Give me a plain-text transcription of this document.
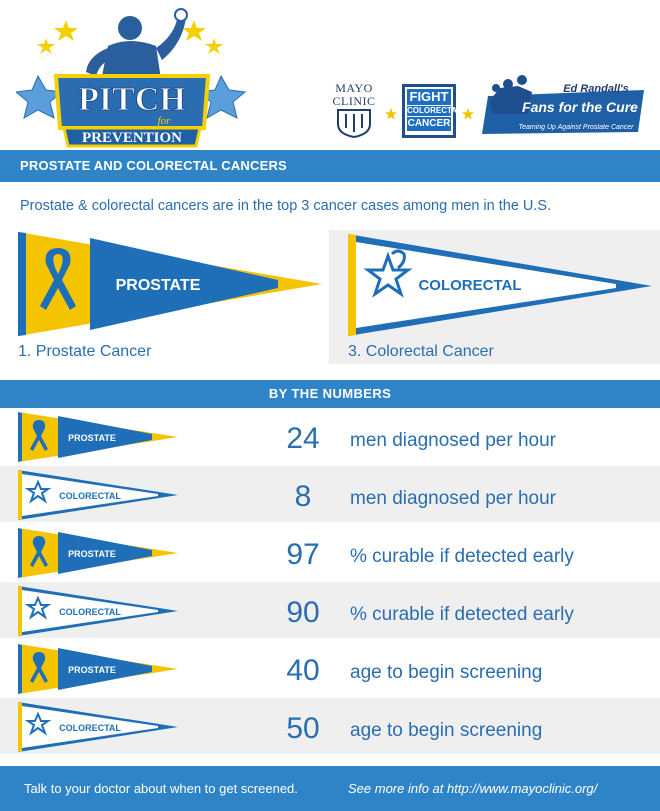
PITCH
for
PREVENTION
MAYO
CLINIC	FIGHT
COLORECTAL
CANCER
Ed Randall's
Fans for the Cure
Teaming Up Against Prostate Cancer
PROSTATE AND COLORECTAL CANCERS
Prostate & colorectal cancers are in the top 3 cancer cases among men in the U.S.
PROSTATE
1. Prostate Cancer
COLORECTAL
3. Colorectal Cancer
BY THE NUMBERS
PROSTATE	24	men diagnosed per hour
COLORECTAL	8	men diagnosed per hour
PROSTATE	97	% curable if detected early
COLORECTAL	90	% curable if detected early
PROSTATE	40	age to begin screening
COLORECTAL	50	age to begin screening
Talk to your doctor about when to get screened.	See more info at http://www.mayoclinic.org/
